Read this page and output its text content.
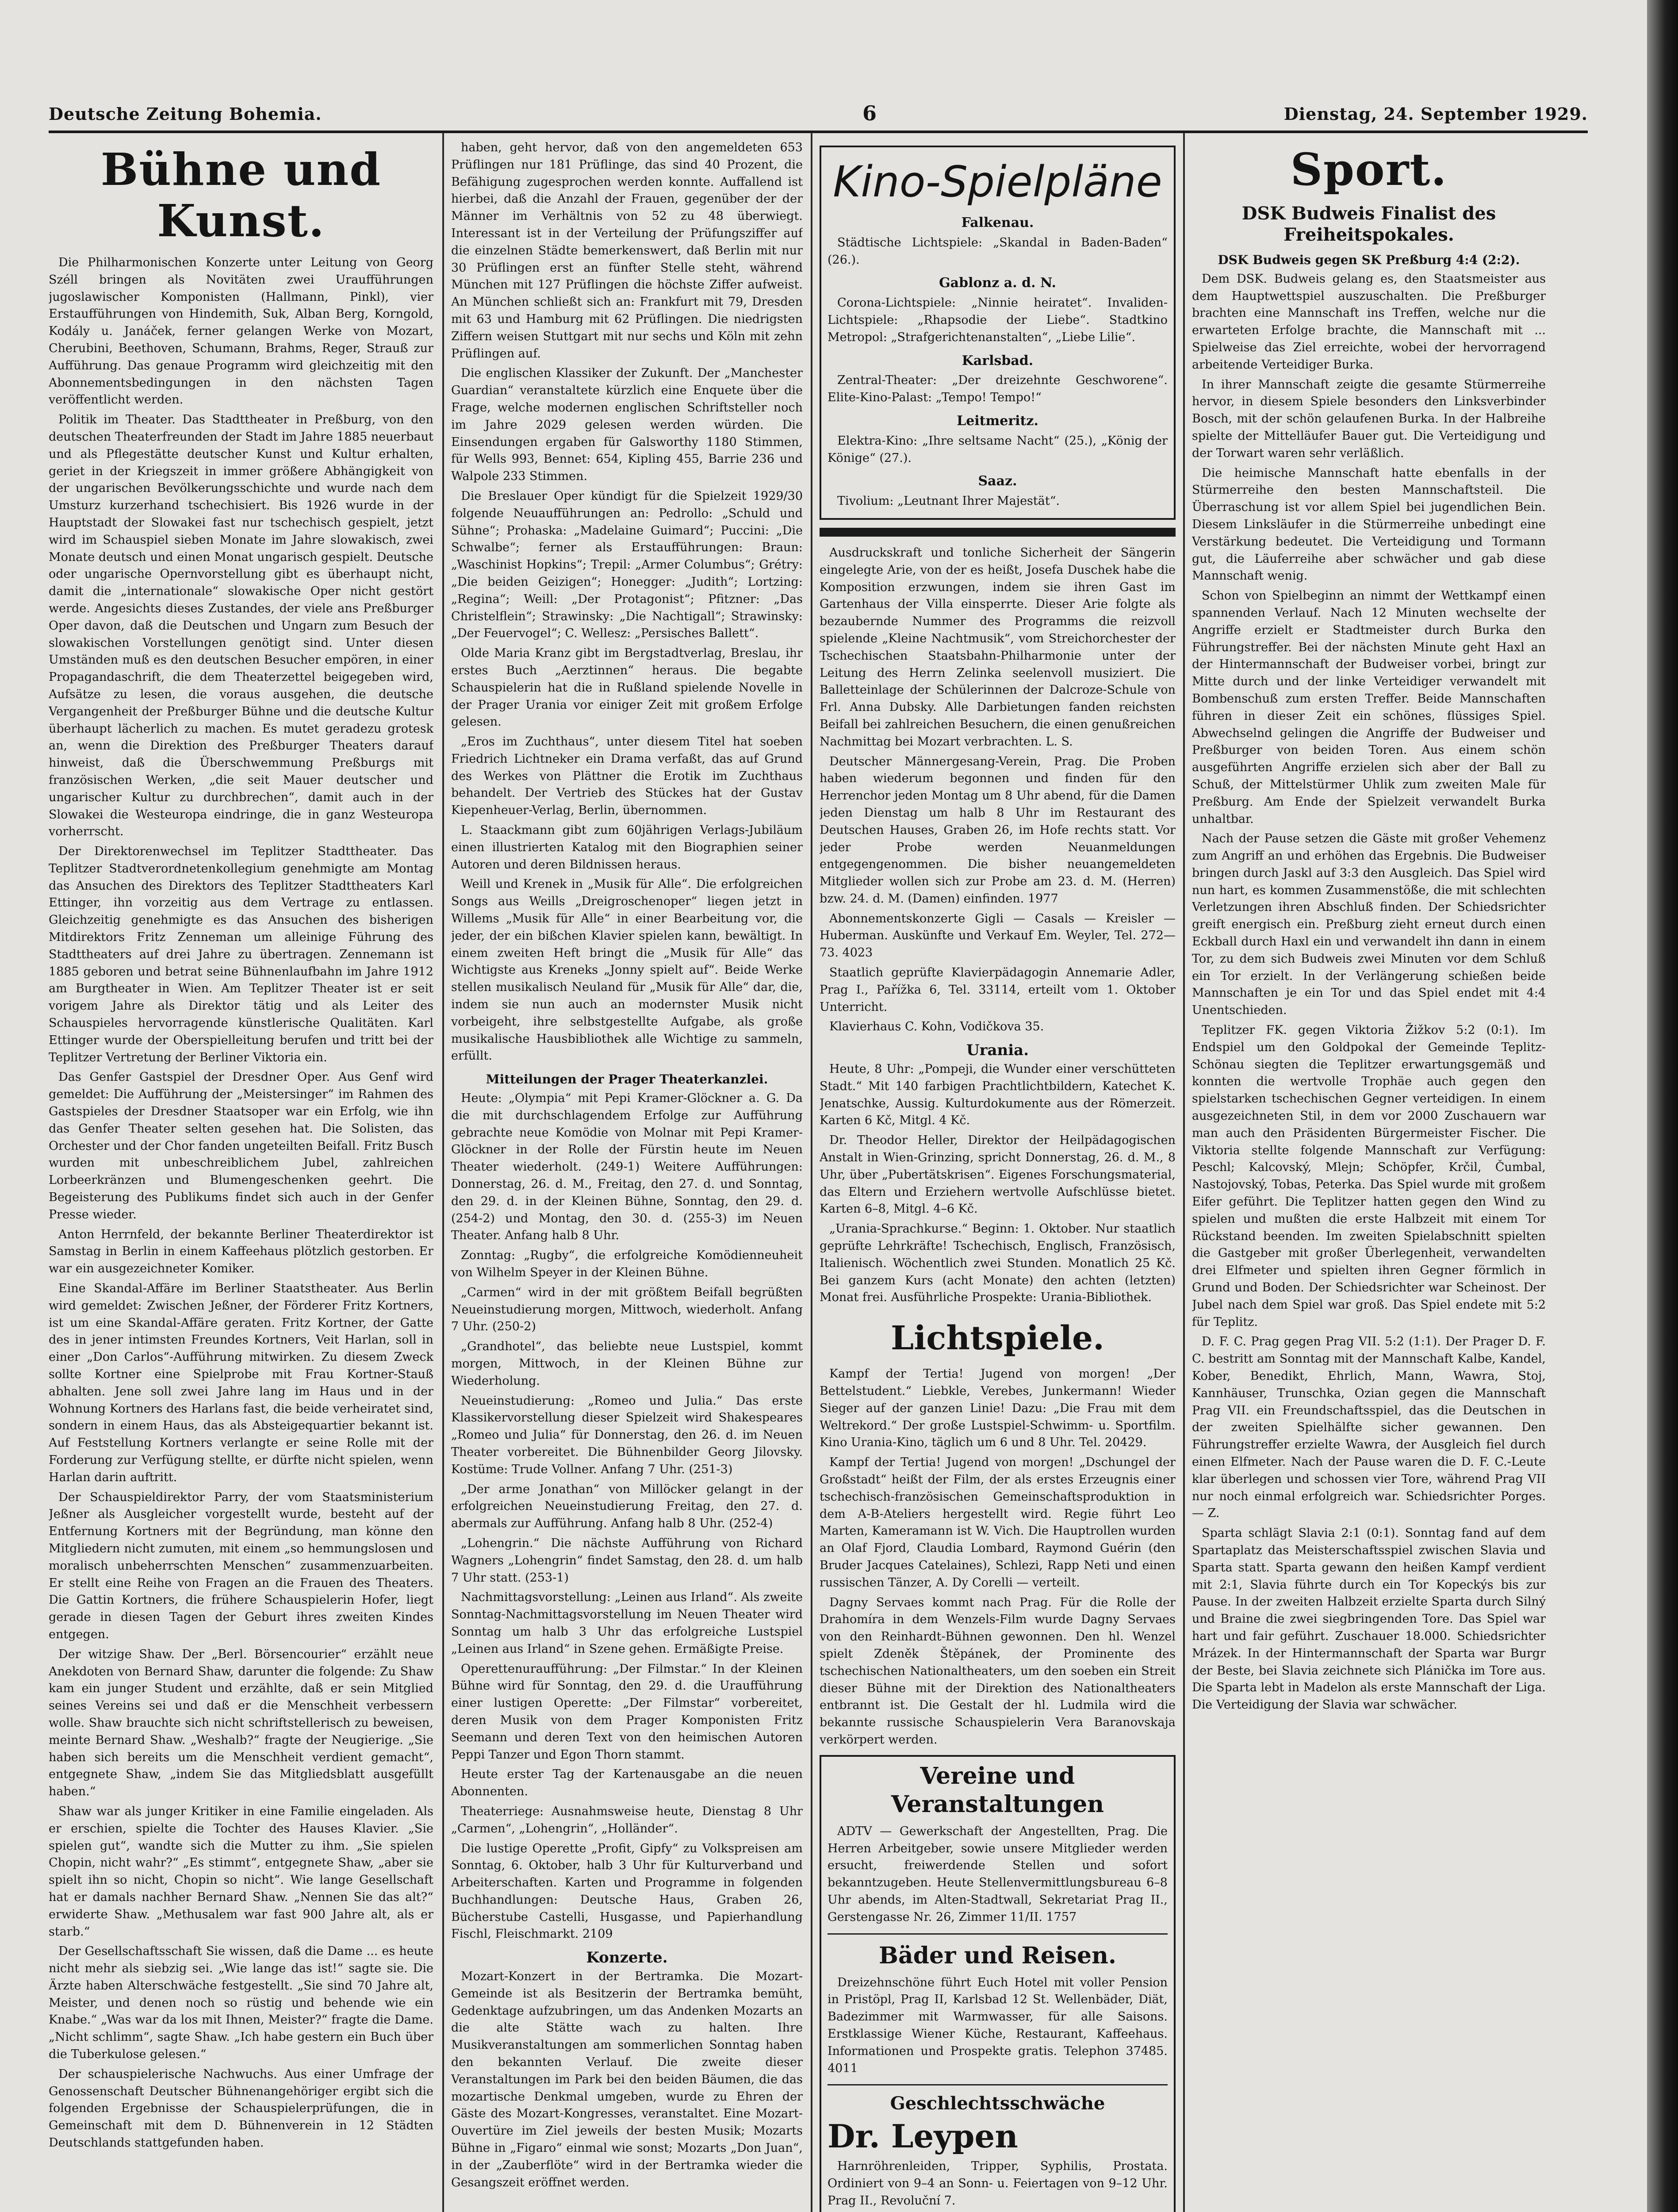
Deutsche Zeitung Bohemia.	6	Dienstag, 24. September 1929.

Bühne und Kunst.

Die Philharmonischen Konzerte unter Leitung von Georg Széll bringen als Novitäten zwei Uraufführungen jugoslawischer Komponisten (Hallmann, Pinkl), vier Erstaufführungen von Hindemith, Suk, Alban Berg, Korngold, Kodály u. Janáček, ferner gelangen Werke von Mozart, Cherubini, Beethoven, Schumann, Brahms, Reger, Strauß zur Aufführung. Das genaue Programm wird gleichzeitig mit den Abonnementsbedingungen in den nächsten Tagen veröffentlicht werden.

Politik im Theater. Das Stadttheater in Preßburg, von den deutschen Theaterfreunden der Stadt im Jahre 1885 neuerbaut und als Pflegestätte deutscher Kunst und Kultur erhalten, geriet in der Kriegszeit in immer größere Abhängigkeit von der ungarischen Bevölkerungsschichte und wurde nach dem Umsturz kurzerhand tschechisiert. Bis 1926 wurde in der Hauptstadt der Slowakei fast nur tschechisch gespielt, jetzt wird im Schauspiel sieben Monate im Jahre slowakisch, zwei Monate deutsch und einen Monat ungarisch gespielt. Deutsche oder ungarische Opernvorstellung gibt es überhaupt nicht, damit die „internationale“ slowakische Oper nicht gestört werde. Angesichts dieses Zustandes, der viele ans Preßburger Oper davon, daß die Deutschen und Ungarn zum Besuch der slowakischen Vorstellungen genötigt sind. Unter diesen Umständen muß es den deutschen Besucher empören, in einer Propagandaschrift, die dem Theaterzettel beigegeben wird, Aufsätze zu lesen, die voraus ausgehen, die deutsche Vergangenheit der Preßburger Bühne und die deutsche Kultur überhaupt lächerlich zu machen. Es mutet geradezu grotesk an, wenn die Direktion des Preßburger Theaters darauf hinweist, daß die Überschwemmung Preßburgs mit französischen Werken, „die seit Mauer deutscher und ungarischer Kultur zu durchbrechen“, damit auch in der Slowakei die Westeuropa eindringe, die in ganz Westeuropa vorherrscht.

Der Direktorenwechsel im Teplitzer Stadttheater. Das Teplitzer Stadtverordnetenkollegium genehmigte am Montag das Ansuchen des Direktors des Teplitzer Stadttheaters Karl Ettinger, ihn vorzeitig aus dem Vertrage zu entlassen. Gleichzeitig genehmigte es das Ansuchen des bisherigen Mitdirektors Fritz Zenneman um alleinige Führung des Stadttheaters auf drei Jahre zu übertragen. Zennemann ist 1885 geboren und betrat seine Bühnenlaufbahn im Jahre 1912 am Burgtheater in Wien. Am Teplitzer Theater ist er seit vorigem Jahre als Direktor tätig und als Leiter des Schauspieles hervorragende künstlerische Qualitäten. Karl Ettinger wurde der Oberspielleitung berufen und tritt bei der Teplitzer Vertretung der Berliner Viktoria ein.

Das Genfer Gastspiel der Dresdner Oper. Aus Genf wird gemeldet: Die Aufführung der „Meistersinger“ im Rahmen des Gastspieles der Dresdner Staatsoper war ein Erfolg, wie ihn das Genfer Theater selten gesehen hat. Die Solisten, das Orchester und der Chor fanden ungeteilten Beifall. Fritz Busch wurden mit unbeschreiblichem Jubel, zahlreichen Lorbeerkränzen und Blumengeschenken geehrt. Die Begeisterung des Publikums findet sich auch in der Genfer Presse wieder.

Anton Herrnfeld, der bekannte Berliner Theaterdirektor ist Samstag in Berlin in einem Kaffeehaus plötzlich gestorben. Er war ein ausgezeichneter Komiker.

Eine Skandal-Affäre im Berliner Staatstheater. Aus Berlin wird gemeldet: Zwischen Jeßner, der Förderer Fritz Kortners, ist um eine Skandal-Affäre geraten. Fritz Kortner, der Gatte des in jener intimsten Freundes Kortners, Veit Harlan, soll in einer „Don Carlos“-Aufführung mitwirken. Zu diesem Zweck sollte Kortner eine Spielprobe mit Frau Kortner-Stauß abhalten. Jene soll zwei Jahre lang im Haus und in der Wohnung Kortners des Harlans fast, die beide verheiratet sind, sondern in einem Haus, das als Absteigequartier bekannt ist. Auf Feststellung Kortners verlangte er seine Rolle mit der Forderung zur Verfügung stellte, er dürfte nicht spielen, wenn Harlan darin auftritt.

Der Schauspieldirektor Parry, der vom Staatsministerium Jeßner als Ausgleicher vorgestellt wurde, besteht auf der Entfernung Kortners mit der Begründung, man könne den Mitgliedern nicht zumuten, mit einem „so hemmungslosen und moralisch unbeherrschten Menschen“ zusammenzuarbeiten. Er stellt eine Reihe von Fragen an die Frauen des Theaters. Die Gattin Kortners, die frühere Schauspielerin Hofer, liegt gerade in diesen Tagen der Geburt ihres zweiten Kindes entgegen.

Der witzige Shaw. Der „Berl. Börsencourier“ erzählt neue Anekdoten von Bernard Shaw, darunter die folgende: Zu Shaw kam ein junger Student und erzählte, daß er sein Mitglied seines Vereins sei und daß er die Menschheit verbessern wolle. Shaw brauchte sich nicht schriftstellerisch zu beweisen, meinte Bernard Shaw. „Weshalb?“ fragte der Neugierige. „Sie haben sich bereits um die Menschheit verdient gemacht“, entgegnete Shaw, „indem Sie das Mitgliedsblatt ausgefüllt haben.“

Shaw war als junger Kritiker in eine Familie eingeladen. Als er erschien, spielte die Tochter des Hauses Klavier. „Sie spielen gut“, wandte sich die Mutter zu ihm. „Sie spielen Chopin, nicht wahr?“ „Es stimmt“, entgegnete Shaw, „aber sie spielt ihn so nicht, Chopin so nicht“. Wie lange Gesellschaft hat er damals nachher Bernard Shaw. „Nennen Sie das alt?“ erwiderte Shaw. „Methusalem war fast 900 Jahre alt, als er starb.“

Der Gesellschaftsschaft Sie wissen, daß die Dame ... es heute nicht mehr als siebzig sei. „Wie lange das ist!“ sagte sie. Die Ärzte haben Alterschwäche festgestellt. „Sie sind 70 Jahre alt, Meister, und denen noch so rüstig und behende wie ein Knabe.“ „Was war da los mit Ihnen, Meister?“ fragte die Dame. „Nicht schlimm“, sagte Shaw. „Ich habe gestern ein Buch über die Tuberkulose gelesen.“

Der schauspielerische Nachwuchs. Aus einer Umfrage der Genossenschaft Deutscher Bühnenangehöriger ergibt sich die folgenden Ergebnisse der Schauspielerprüfungen, die in Gemeinschaft mit dem D. Bühnenverein in 12 Städten Deutschlands stattgefunden haben.

haben, geht hervor, daß von den angemeldeten 653 Prüflingen nur 181 Prüflinge, das sind 40 Prozent, die Befähigung zugesprochen werden konnte. Auffallend ist hierbei, daß die Anzahl der Frauen, gegenüber der der Männer im Verhältnis von 52 zu 48 überwiegt. Interessant ist in der Verteilung der Prüfungsziffer auf die einzelnen Städte bemerkenswert, daß Berlin mit nur 30 Prüflingen erst an fünfter Stelle steht, während München mit 127 Prüflingen die höchste Ziffer aufweist. An München schließt sich an: Frankfurt mit 79, Dresden mit 63 und Hamburg mit 62 Prüflingen. Die niedrigsten Ziffern weisen Stuttgart mit nur sechs und Köln mit zehn Prüflingen auf.

Die englischen Klassiker der Zukunft. Der „Manchester Guardian“ veranstaltete kürzlich eine Enquete über die Frage, welche modernen englischen Schriftsteller noch im Jahre 2029 gelesen werden würden. Die Einsendungen ergaben für Galsworthy 1180 Stimmen, für Wells 993, Bennet: 654, Kipling 455, Barrie 236 und Walpole 233 Stimmen.

Die Breslauer Oper kündigt für die Spielzeit 1929/30 folgende Neuaufführungen an: Pedrollo: „Schuld und Sühne“; Prohaska: „Madelaine Guimard“; Puccini: „Die Schwalbe“; ferner als Erstaufführungen: Braun: „Waschinist Hopkins“; Trepil: „Armer Columbus“; Grétry: „Die beiden Geizigen“; Honegger: „Judith“; Lortzing: „Regina“; Weill: „Der Protagonist“; Pfitzner: „Das Christelflein“; Strawinsky: „Die Nachtigall“; Strawinsky: „Der Feuervogel“; C. Wellesz: „Persisches Ballett“.

Olde Maria Kranz gibt im Bergstadtverlag, Breslau, ihr erstes Buch „Aerztinnen“ heraus. Die begabte Schauspielerin hat die in Rußland spielende Novelle in der Prager Urania vor einiger Zeit mit großem Erfolge gelesen.

„Eros im Zuchthaus“, unter diesem Titel hat soeben Friedrich Lichtneker ein Drama verfaßt, das auf Grund des Werkes von Plättner die Erotik im Zuchthaus behandelt. Der Vertrieb des Stückes hat der Gustav Kiepenheuer-Verlag, Berlin, übernommen.

L. Staackmann gibt zum 60jährigen Verlags-Jubiläum einen illustrierten Katalog mit den Biographien seiner Autoren und deren Bildnissen heraus.

Weill und Krenek in „Musik für Alle“. Die erfolgreichen Songs aus Weills „Dreigroschenoper“ liegen jetzt in Willems „Musik für Alle“ in einer Bearbeitung vor, die jeder, der ein bißchen Klavier spielen kann, bewältigt. In einem zweiten Heft bringt die „Musik für Alle“ das Wichtigste aus Kreneks „Jonny spielt auf“. Beide Werke stellen musikalisch Neuland für „Musik für Alle“ dar, die, indem sie nun auch an modernster Musik nicht vorbeigeht, ihre selbstgestellte Aufgabe, als große musikalische Hausbibliothek alle Wichtige zu sammeln, erfüllt.

Mitteilungen der Prager Theaterkanzlei.

Heute: „Olympia“ mit Pepi Kramer-Glöckner a. G. Da die mit durchschlagendem Erfolge zur Aufführung gebrachte neue Komödie von Molnar mit Pepi Kramer-Glöckner in der Rolle der Fürstin heute im Neuen Theater wiederholt. (249-1) Weitere Aufführungen: Donnerstag, 26. d. M., Freitag, den 27. d. und Sonntag, den 29. d. in der Kleinen Bühne, Sonntag, den 29. d. (254-2) und Montag, den 30. d. (255-3) im Neuen Theater. Anfang halb 8 Uhr.

Zonntag: „Rugby“, die erfolgreiche Komödienneuheit von Wilhelm Speyer in der Kleinen Bühne.

„Carmen“ wird in der mit größtem Beifall begrüßten Neueinstudierung morgen, Mittwoch, wiederholt. Anfang 7 Uhr. (250-2)

„Grandhotel“, das beliebte neue Lustspiel, kommt morgen, Mittwoch, in der Kleinen Bühne zur Wiederholung.

Neueinstudierung: „Romeo und Julia.“ Das erste Klassikervorstellung dieser Spielzeit wird Shakespeares „Romeo und Julia“ für Donnerstag, den 26. d. im Neuen Theater vorbereitet. Die Bühnenbilder Georg Jilovsky. Kostüme: Trude Vollner. Anfang 7 Uhr. (251-3)

„Der arme Jonathan“ von Millöcker gelangt in der erfolgreichen Neueinstudierung Freitag, den 27. d. abermals zur Aufführung. Anfang halb 8 Uhr. (252-4)

„Lohengrin.“ Die nächste Aufführung von Richard Wagners „Lohengrin“ findet Samstag, den 28. d. um halb 7 Uhr statt. (253-1)

Nachmittagsvorstellung: „Leinen aus Irland“. Als zweite Sonntag-Nachmittagsvorstellung im Neuen Theater wird Sonntag um halb 3 Uhr das erfolgreiche Lustspiel „Leinen aus Irland“ in Szene gehen. Ermäßigte Preise.

Operettenuraufführung: „Der Filmstar.“ In der Kleinen Bühne wird für Sonntag, den 29. d. die Uraufführung einer lustigen Operette: „Der Filmstar“ vorbereitet, deren Musik von dem Prager Komponisten Fritz Seemann und deren Text von den heimischen Autoren Peppi Tanzer und Egon Thorn stammt.

Heute erster Tag der Kartenausgabe an die neuen Abonnenten.

Theaterriege: Ausnahmsweise heute, Dienstag 8 Uhr „Carmen“, „Lohengrin“, „Holländer“.

Die lustige Operette „Profit, Gipfy“ zu Volkspreisen am Sonntag, 6. Oktober, halb 3 Uhr für Kulturverband und Arbeiterschaften. Karten und Programme in folgenden Buchhandlungen: Deutsche Haus, Graben 26, Bücherstube Castelli, Husgasse, und Papierhandlung Fischl, Fleischmarkt. 2109

Konzerte.

Mozart-Konzert in der Bertramka. Die Mozart-Gemeinde ist als Besitzerin der Bertramka bemüht, Gedenktage aufzubringen, um das Andenken Mozarts an die alte Stätte wach zu halten. Ihre Musikveranstaltungen am sommerlichen Sonntag haben den bekannten Verlauf. Die zweite dieser Veranstaltungen im Park bei den beiden Bäumen, die das mozartische Denkmal umgeben, wurde zu Ehren der Gäste des Mozart-Kongresses, veranstaltet. Eine Mozart-Ouvertüre im Ziel jeweils der besten Musik; Mozarts Bühne in „Figaro“ einmal wie sonst; Mozarts „Don Juan“, in der „Zauberflöte“ wird in der Bertramka wieder die Gesangszeit eröffnet werden.

Kino-Spielpläne

Falkenau.

Städtische Lichtspiele: „Skandal in Baden-Baden“ (26.).

Gablonz a. d. N.

Corona-Lichtspiele: „Ninnie heiratet“. Invaliden-Lichtspiele: „Rhapsodie der Liebe“. Stadtkino Metropol: „Strafgerichtenanstalten“, „Liebe Lilie“.

Karlsbad.

Zentral-Theater: „Der dreizehnte Geschworene“. Elite-Kino-Palast: „Tempo! Tempo!“

Leitmeritz.

Elektra-Kino: „Ihre seltsame Nacht“ (25.), „König der Könige“ (27.).

Saaz.

Tivolium: „Leutnant Ihrer Majestät“.

Ausdruckskraft und tonliche Sicherheit der Sängerin eingelegte Arie, von der es heißt, Josefa Duschek habe die Komposition erzwungen, indem sie ihren Gast im Gartenhaus der Villa einsperrte. Dieser Arie folgte als bezaubernde Nummer des Programms die reizvoll spielende „Kleine Nachtmusik“, vom Streichorchester der Tschechischen Staatsbahn-Philharmonie unter der Leitung des Herrn Zelinka seelenvoll musiziert. Die Balletteinlage der Schülerinnen der Dalcroze-Schule von Frl. Anna Dubsky. Alle Darbietungen fanden reichsten Beifall bei zahlreichen Besuchern, die einen genußreichen Nachmittag bei Mozart verbrachten. L. S.

Deutscher Männergesang-Verein, Prag. Die Proben haben wiederum begonnen und finden für den Herrenchor jeden Montag um 8 Uhr abend, für die Damen jeden Dienstag um halb 8 Uhr im Restaurant des Deutschen Hauses, Graben 26, im Hofe rechts statt. Vor jeder Probe werden Neuanmeldungen entgegengenommen. Die bisher neuangemeldeten Mitglieder wollen sich zur Probe am 23. d. M. (Herren) bzw. 24. d. M. (Damen) einfinden. 1977

Abonnementskonzerte Gigli — Casals — Kreisler — Huberman. Auskünfte und Verkauf Em. Weyler, Tel. 272—73. 4023

Staatlich geprüfte Klavierpädagogin Annemarie Adler, Prag I., Pařížka 6, Tel. 33114, erteilt vom 1. Oktober Unterricht.

Klavierhaus C. Kohn, Vodičkova 35.

Urania.

Heute, 8 Uhr: „Pompeji, die Wunder einer verschütteten Stadt.“ Mit 140 farbigen Prachtlichtbildern, Katechet K. Jenatschke, Aussig. Kulturdokumente aus der Römerzeit. Karten 6 Kč, Mitgl. 4 Kč.

Dr. Theodor Heller, Direktor der Heilpädagogischen Anstalt in Wien-Grinzing, spricht Donnerstag, 26. d. M., 8 Uhr, über „Pubertätskrisen“. Eigenes Forschungsmaterial, das Eltern und Erziehern wertvolle Aufschlüsse bietet. Karten 6–8, Mitgl. 4–6 Kč.

„Urania-Sprachkurse.“ Beginn: 1. Oktober. Nur staatlich geprüfte Lehrkräfte! Tschechisch, Englisch, Französisch, Italienisch. Wöchentlich zwei Stunden. Monatlich 25 Kč. Bei ganzem Kurs (acht Monate) den achten (letzten) Monat frei. Ausführliche Prospekte: Urania-Bibliothek.

Lichtspiele.

Kampf der Tertia! Jugend von morgen! „Der Bettelstudent.“ Liebkle, Verebes, Junkermann! Wieder Sieger auf der ganzen Linie! Dazu: „Die Frau mit dem Weltrekord.“ Der große Lustspiel-Schwimm- u. Sportfilm. Kino Urania-Kino, täglich um 6 und 8 Uhr. Tel. 20429.

Kampf der Tertia! Jugend von morgen! „Dschungel der Großstadt“ heißt der Film, der als erstes Erzeugnis einer tschechisch-französischen Gemeinschaftsproduktion in dem A-B-Ateliers hergestellt wird. Regie führt Leo Marten, Kameramann ist W. Vich. Die Hauptrollen wurden an Olaf Fjord, Claudia Lombard, Raymond Guérin (den Bruder Jacques Catelaines), Schlezi, Rapp Neti und einen russischen Tänzer, A. Dy Corelli — verteilt.

Dagny Servaes kommt nach Prag. Für die Rolle der Drahomíra in dem Wenzels-Film wurde Dagny Servaes von den Reinhardt-Bühnen gewonnen. Den hl. Wenzel spielt Zdeněk Štěpánek, der Prominente des tschechischen Nationaltheaters, um den soeben ein Streit dieser Bühne mit der Direktion des Nationaltheaters entbrannt ist. Die Gestalt der hl. Ludmila wird die bekannte russische Schauspielerin Vera Baranovskaja verkörpert werden.

Vereine und Veranstaltungen

ADTV — Gewerkschaft der Angestellten, Prag. Die Herren Arbeitgeber, sowie unsere Mitglieder werden ersucht, freiwerdende Stellen und sofort bekanntzugeben. Heute Stellenvermittlungsbureau 6–8 Uhr abends, im Alten-Stadtwall, Sekretariat Prag II., Gerstengasse Nr. 26, Zimmer 11/II. 1757

Bäder und Reisen.

Dreizehnschöne führt Euch Hotel mit voller Pension in Pristöpl, Prag II, Karlsbad 12 St. Wellenbäder, Diät, Badezimmer mit Warmwasser, für alle Saisons. Erstklassige Wiener Küche, Restaurant, Kaffeehaus. Informationen und Prospekte gratis. Telephon 37485. 4011

Geschlechtsschwäche

Dr. Leypen

Harnröhrenleiden, Tripper, Syphilis, Prostata. Ordiniert von 9–4 an Sonn- u. Feiertagen von 9–12 Uhr. Prag II., Revoluční 7.

Sport.

DSK Budweis Finalist des Freiheitspokales.

DSK Budweis gegen SK Preßburg 4:4 (2:2).

Dem DSK. Budweis gelang es, den Staatsmeister aus dem Hauptwettspiel auszuschalten. Die Preßburger brachten eine Mannschaft ins Treffen, welche nur die erwarteten Erfolge brachte, die Mannschaft mit ... Spielweise das Ziel erreichte, wobei der hervorragend arbeitende Verteidiger Burka.

In ihrer Mannschaft zeigte die gesamte Stürmerreihe hervor, in diesem Spiele besonders den Linksverbinder Bosch, mit der schön gelaufenen Burka. In der Halbreihe spielte der Mittelläufer Bauer gut. Die Verteidigung und der Torwart waren sehr verläßlich.

Die heimische Mannschaft hatte ebenfalls in der Stürmerreihe den besten Mannschaftsteil. Die Überraschung ist vor allem Spiel bei jugendlichen Bein. Diesem Linksläufer in die Stürmerreihe unbedingt eine Verstärkung bedeutet. Die Verteidigung und Tormann gut, die Läuferreihe aber schwächer und gab diese Mannschaft wenig.

Schon von Spielbeginn an nimmt der Wettkampf einen spannenden Verlauf. Nach 12 Minuten wechselte der Angriffe erzielt er Stadtmeister durch Burka den Führungstreffer. Bei der nächsten Minute geht Haxl an der Hintermannschaft der Budweiser vorbei, bringt zur Mitte durch und der linke Verteidiger verwandelt mit Bombenschuß zum ersten Treffer. Beide Mannschaften führen in dieser Zeit ein schönes, flüssiges Spiel. Abwechselnd gelingen die Angriffe der Budweiser und Preßburger von beiden Toren. Aus einem schön ausgeführten Angriffe erzielen sich aber der Ball zu Schuß, der Mittelstürmer Uhlik zum zweiten Male für Preßburg. Am Ende der Spielzeit verwandelt Burka unhaltbar.

Nach der Pause setzen die Gäste mit großer Vehemenz zum Angriff an und erhöhen das Ergebnis. Die Budweiser bringen durch Jaskl auf 3:3 den Ausgleich. Das Spiel wird nun hart, es kommen Zusammenstöße, die mit schlechten Verletzungen ihren Abschluß finden. Der Schiedsrichter greift energisch ein. Preßburg zieht erneut durch einen Eckball durch Haxl ein und verwandelt ihn dann in einem Tor, zu dem sich Budweis zwei Minuten vor dem Schluß ein Tor erzielt. In der Verlängerung schießen beide Mannschaften je ein Tor und das Spiel endet mit 4:4 Unentschieden.

Teplitzer FK. gegen Viktoria Žižkov 5:2 (0:1). Im Endspiel um den Goldpokal der Gemeinde Teplitz-Schönau siegten die Teplitzer erwartungsgemäß und konnten die wertvolle Trophäe auch gegen den spielstarken tschechischen Gegner verteidigen. In einem ausgezeichneten Stil, in dem vor 2000 Zuschauern war man auch den Präsidenten Bürgermeister Fischer. Die Viktoria stellte folgende Mannschaft zur Verfügung: Peschl; Kalcovský, Mlejn; Schöpfer, Krčil, Čumbal, Nastojovský, Tobas, Peterka. Das Spiel wurde mit großem Eifer geführt. Die Teplitzer hatten gegen den Wind zu spielen und mußten die erste Halbzeit mit einem Tor Rückstand beenden. Im zweiten Spielabschnitt spielten die Gastgeber mit großer Überlegenheit, verwandelten drei Elfmeter und spielten ihren Gegner förmlich in Grund und Boden. Der Schiedsrichter war Scheinost. Der Jubel nach dem Spiel war groß. Das Spiel endete mit 5:2 für Teplitz.

D. F. C. Prag gegen Prag VII. 5:2 (1:1). Der Prager D. F. C. bestritt am Sonntag mit der Mannschaft Kalbe, Kandel, Kober, Benedikt, Ehrlich, Mann, Wawra, Stoj, Kannhäuser, Trunschka, Ozian gegen die Mannschaft Prag VII. ein Freundschaftsspiel, das die Deutschen in der zweiten Spielhälfte sicher gewannen. Den Führungstreffer erzielte Wawra, der Ausgleich fiel durch einen Elfmeter. Nach der Pause waren die D. F. C.-Leute klar überlegen und schossen vier Tore, während Prag VII nur noch einmal erfolgreich war. Schiedsrichter Porges. — Z.

Sparta schlägt Slavia 2:1 (0:1). Sonntag fand auf dem Spartaplatz das Meisterschaftsspiel zwischen Slavia und Sparta statt. Sparta gewann den heißen Kampf verdient mit 2:1, Slavia führte durch ein Tor Kopeckýs bis zur Pause. In der zweiten Halbzeit erzielte Sparta durch Silný und Braine die zwei siegbringenden Tore. Das Spiel war hart und fair geführt. Zuschauer 18.000. Schiedsrichter Mrázek. In der Hintermannschaft der Sparta war Burgr der Beste, bei Slavia zeichnete sich Plánička im Tore aus. Die Sparta lebt in Madelon als erste Mannschaft der Liga. Die Verteidigung der Slavia war schwächer.
